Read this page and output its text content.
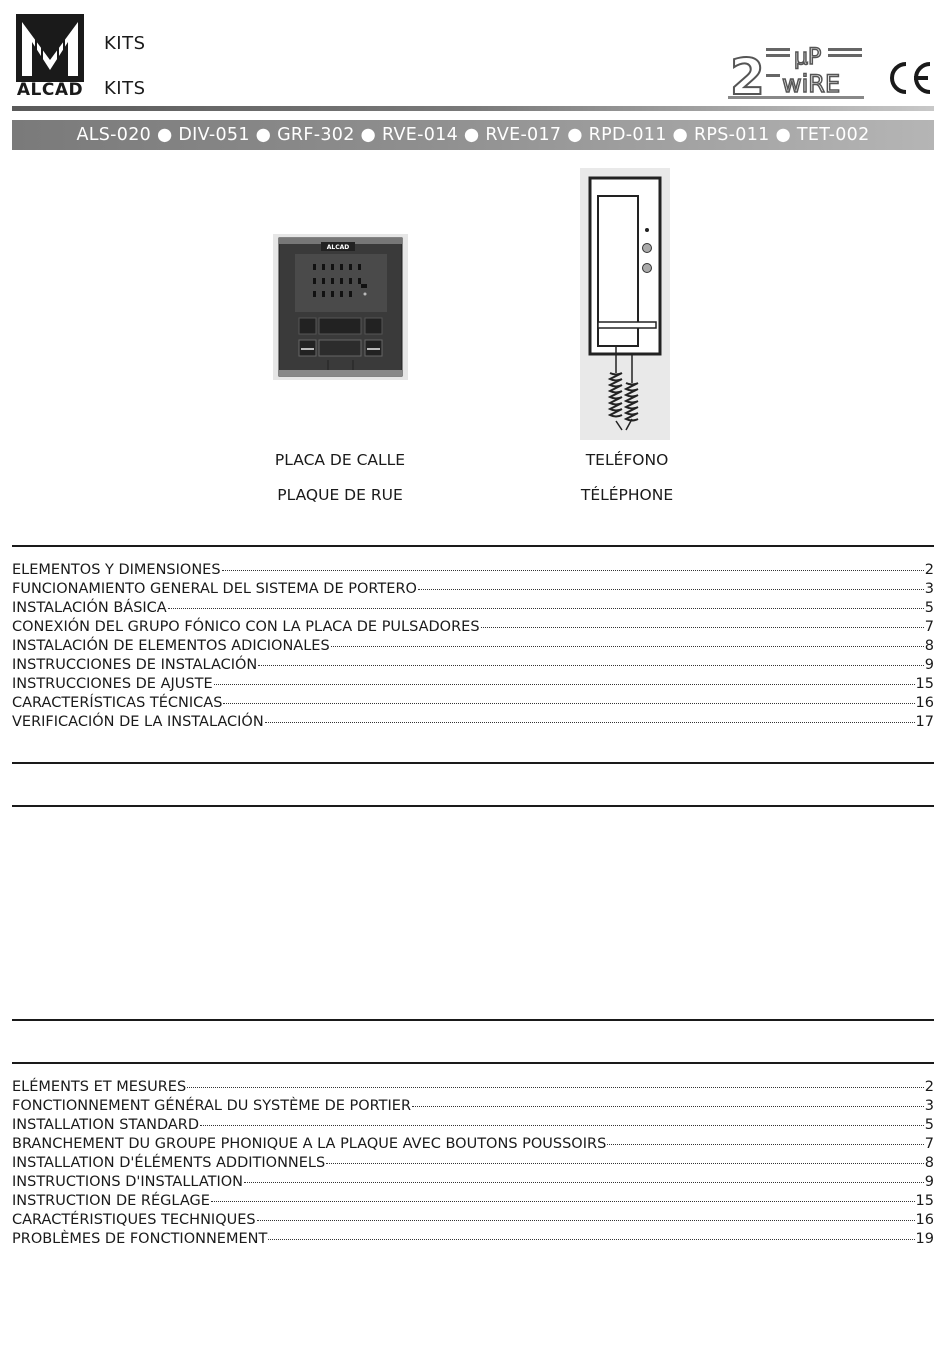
ALCAD
KITS
KITS	2 μP
wiRE
ALS-020 ● DIV-051 ● GRF-302 ● RVE-014 ● RVE-017 ● RPD-011 ● RPS-011 ● TET-002
ALCAD
PLACA DE CALLE
PLAQUE DE RUE
TELÉFONO
TÉLÉPHONE
ELEMENTOS Y DIMENSIONES	2
FUNCIONAMIENTO GENERAL DEL SISTEMA DE PORTERO	3
INSTALACIÓN BÁSICA	5
CONEXIÓN DEL GRUPO FÓNICO CON LA PLACA DE PULSADORES	7
INSTALACIÓN DE ELEMENTOS ADICIONALES	8
INSTRUCCIONES DE INSTALACIÓN	9
INSTRUCCIONES DE AJUSTE	15
CARACTERÍSTICAS TÉCNICAS	16
VERIFICACIÓN DE LA INSTALACIÓN	17
ELÉMENTS ET MESURES	2
FONCTIONNEMENT GÉNÉRAL DU SYSTÈME DE PORTIER	3
INSTALLATION STANDARD	5
BRANCHEMENT DU GROUPE PHONIQUE A LA PLAQUE AVEC BOUTONS POUSSOIRS	7
INSTALLATION D'ÉLÉMENTS ADDITIONNELS	8
INSTRUCTIONS D'INSTALLATION	9
INSTRUCTION DE RÉGLAGE	15
CARACTÉRISTIQUES TECHNIQUES	16
PROBLÈMES DE FONCTIONNEMENT	19
